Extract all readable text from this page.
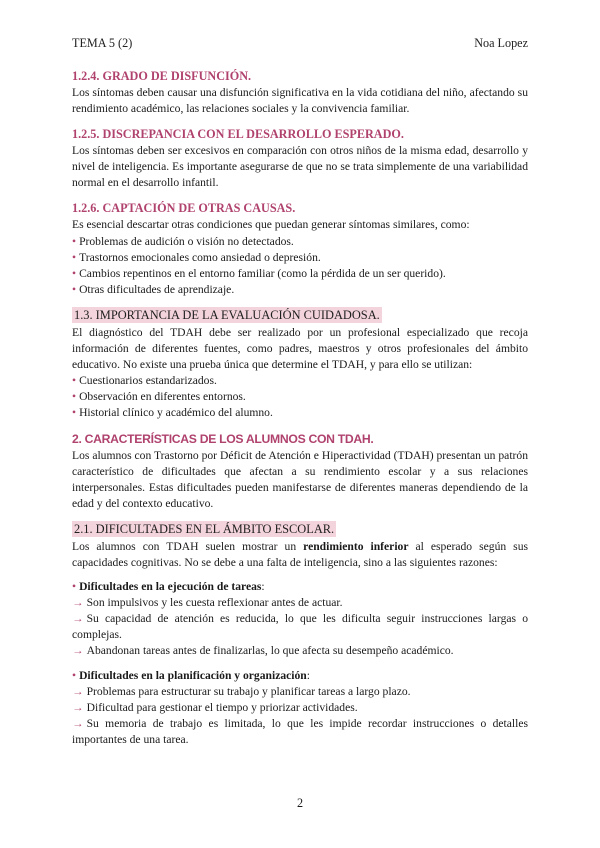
TEMA 5 (2)	Noa Lopez
1.2.4. GRADO DE DISFUNCIÓN.

Los síntomas deben causar una disfunción significativa en la vida cotidiana del niño, afectando su rendimiento académico, las relaciones sociales y la convivencia familiar.

1.2.5. DISCREPANCIA CON EL DESARROLLO ESPERADO.

Los síntomas deben ser excesivos en comparación con otros niños de la misma edad, desarrollo y nivel de inteligencia. Es importante asegurarse de que no se trata simplemente de una variabilidad normal en el desarrollo infantil.

1.2.6. CAPTACIÓN DE OTRAS CAUSAS.

Es esencial descartar otras condiciones que puedan generar síntomas similares, como:

• Problemas de audición o visión no detectados.
• Trastornos emocionales como ansiedad o depresión.
• Cambios repentinos en el entorno familiar (como la pérdida de un ser querido).
• Otras dificultades de aprendizaje.
1.3. IMPORTANCIA DE LA EVALUACIÓN CUIDADOSA.

El diagnóstico del TDAH debe ser realizado por un profesional especializado que recoja información de diferentes fuentes, como padres, maestros y otros profesionales del ámbito educativo. No existe una prueba única que determine el TDAH, y para ello se utilizan:

• Cuestionarios estandarizados.
• Observación en diferentes entornos.
• Historial clínico y académico del alumno.
2. CARACTERÍSTICAS DE LOS ALUMNOS CON TDAH.

Los alumnos con Trastorno por Déficit de Atención e Hiperactividad (TDAH) presentan un patrón característico de dificultades que afectan a su rendimiento escolar y a sus relaciones interpersonales. Estas dificultades pueden manifestarse de diferentes maneras dependiendo de la edad y del contexto educativo.

2.1. DIFICULTADES EN EL ÁMBITO ESCOLAR.

Los alumnos con TDAH suelen mostrar un rendimiento inferior al esperado según sus capacidades cognitivas. No se debe a una falta de inteligencia, sino a las siguientes razones:

• Dificultades en la ejecución de tareas:

→ Son impulsivos y les cuesta reflexionar antes de actuar.

→ Su capacidad de atención es reducida, lo que les dificulta seguir instrucciones largas o complejas.

→ Abandonan tareas antes de finalizarlas, lo que afecta su desempeño académico.

• Dificultades en la planificación y organización:

→ Problemas para estructurar su trabajo y planificar tareas a largo plazo.

→ Dificultad para gestionar el tiempo y priorizar actividades.

→ Su memoria de trabajo es limitada, lo que les impide recordar instrucciones o detalles importantes de una tarea.

2
